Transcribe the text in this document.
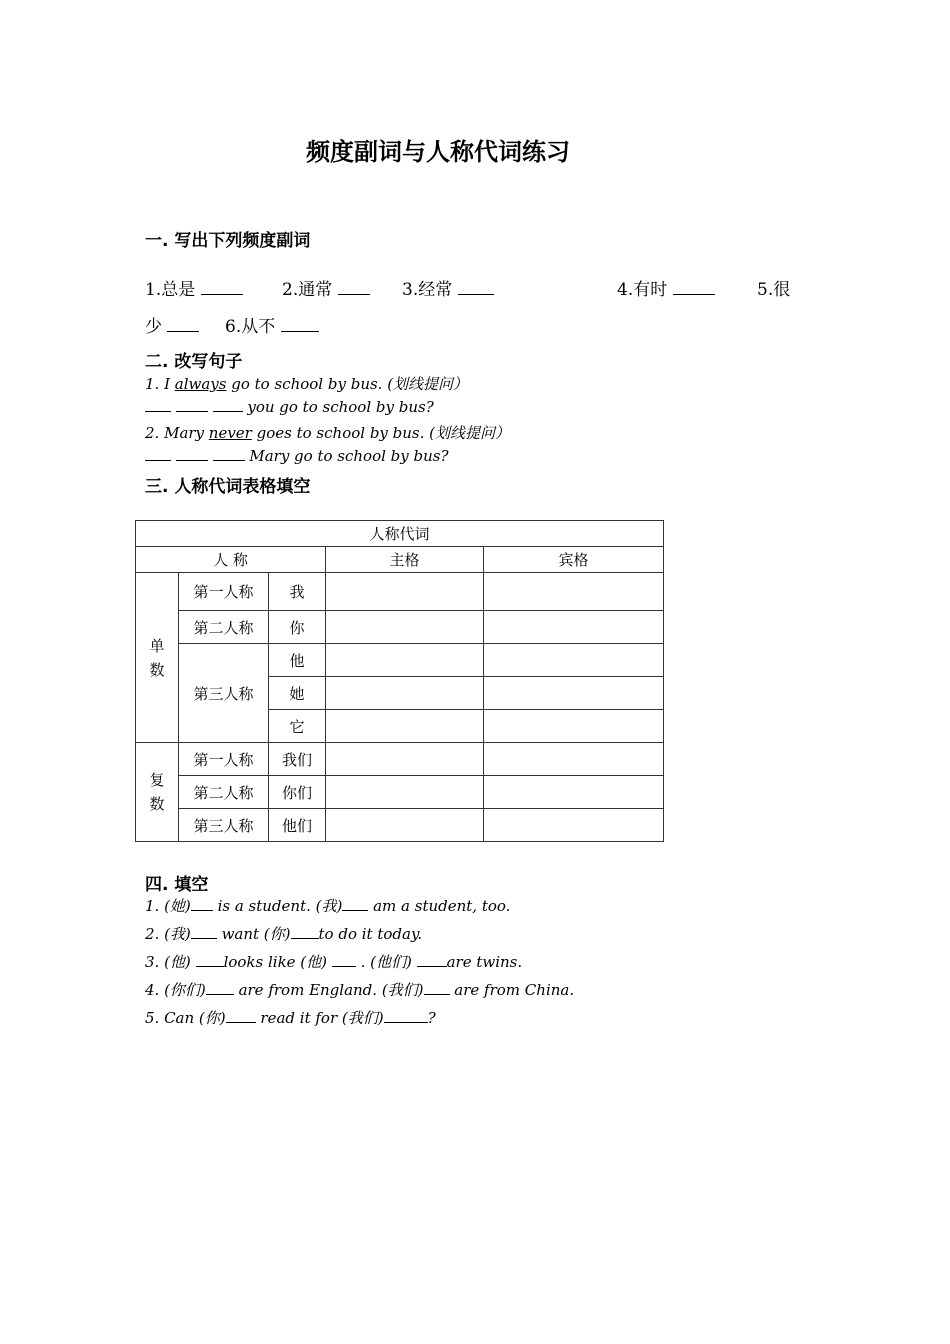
频度副词与人称代词练习
一. 写出下列频度副词
1.总是	2.通常	3.经常	4.有时	5.很
少	6.从不
二. 改写句子
1. I always go to school by bus. (划线提问）
you go to school by bus?
2. Mary never goes to school by bus. (划线提问）
Mary go to school by bus?
三. 人称代词表格填空
人称代词				
人 称			主格	宾格
单
数	第一人称	我		
	第二人称	你		
	第三人称	他		
		她		
		它		
复
数	第一人称	我们		
	第二人称	你们		
	第三人称	他们		
四. 填空
1. (她) is a student. (我) am a student, too.
2. (我) want (你) to do it today.
3. (他) looks like (他)  . (他们) are twins.
4. (你们) are from England. (我们) are from China.
5. Can (你) read it for (我们)	?
